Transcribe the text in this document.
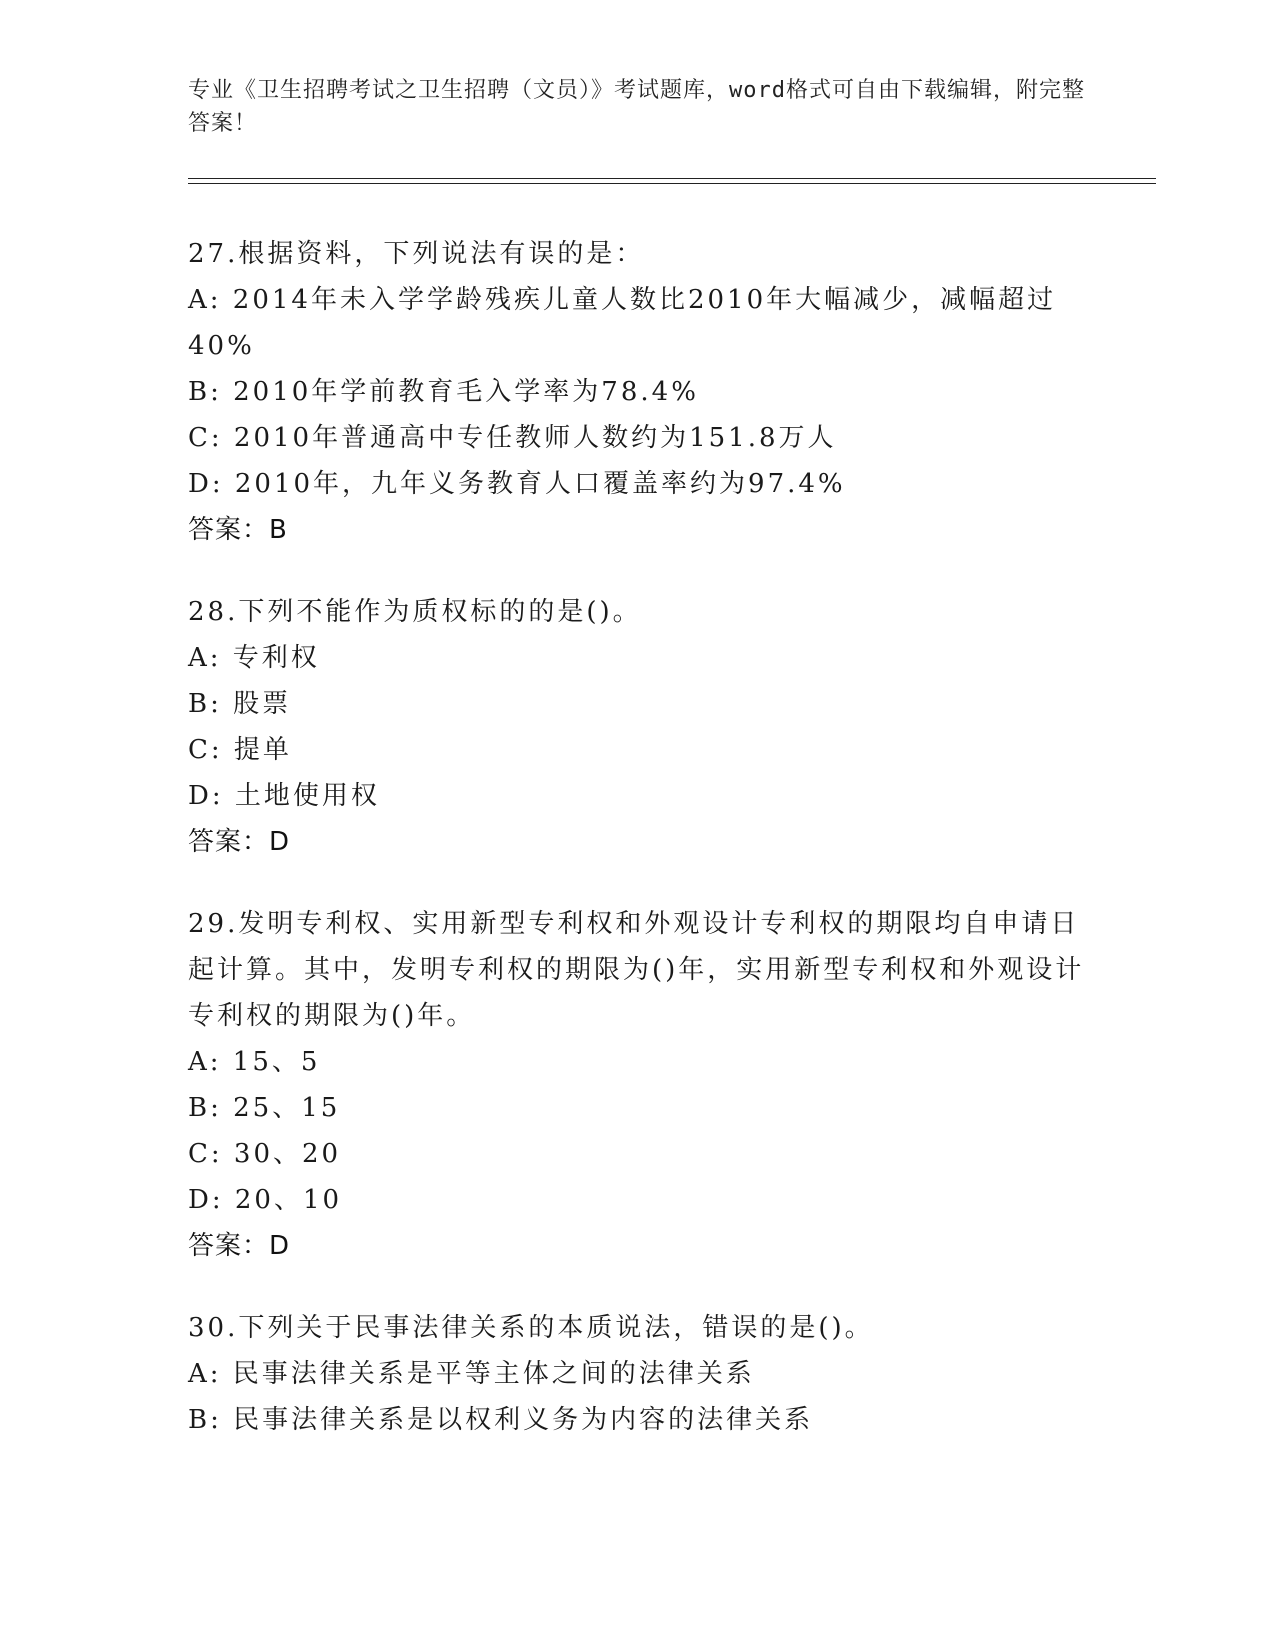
专业《卫生招聘考试之卫生招聘（文员）》考试题库，word格式可自由下载编辑，附完整答案！
27.根据资料，下列说法有误的是：
A: 2014年未入学学龄残疾儿童人数比2010年大幅减少，减幅超过40%
B: 2010年学前教育毛入学率为78.4%
C: 2010年普通高中专任教师人数约为151.8万人
D: 2010年，九年义务教育人口覆盖率约为97.4%
答案：B
28.下列不能作为质权标的的是()。
A: 专利权
B: 股票
C: 提单
D: 土地使用权
答案：D
29.发明专利权、实用新型专利权和外观设计专利权的期限均自申请日起计算。其中，发明专利权的期限为()年，实用新型专利权和外观设计专利权的期限为()年。
A: 15、5
B: 25、15
C: 30、20
D: 20、10
答案：D
30.下列关于民事法律关系的本质说法，错误的是()。
A: 民事法律关系是平等主体之间的法律关系
B: 民事法律关系是以权利义务为内容的法律关系
